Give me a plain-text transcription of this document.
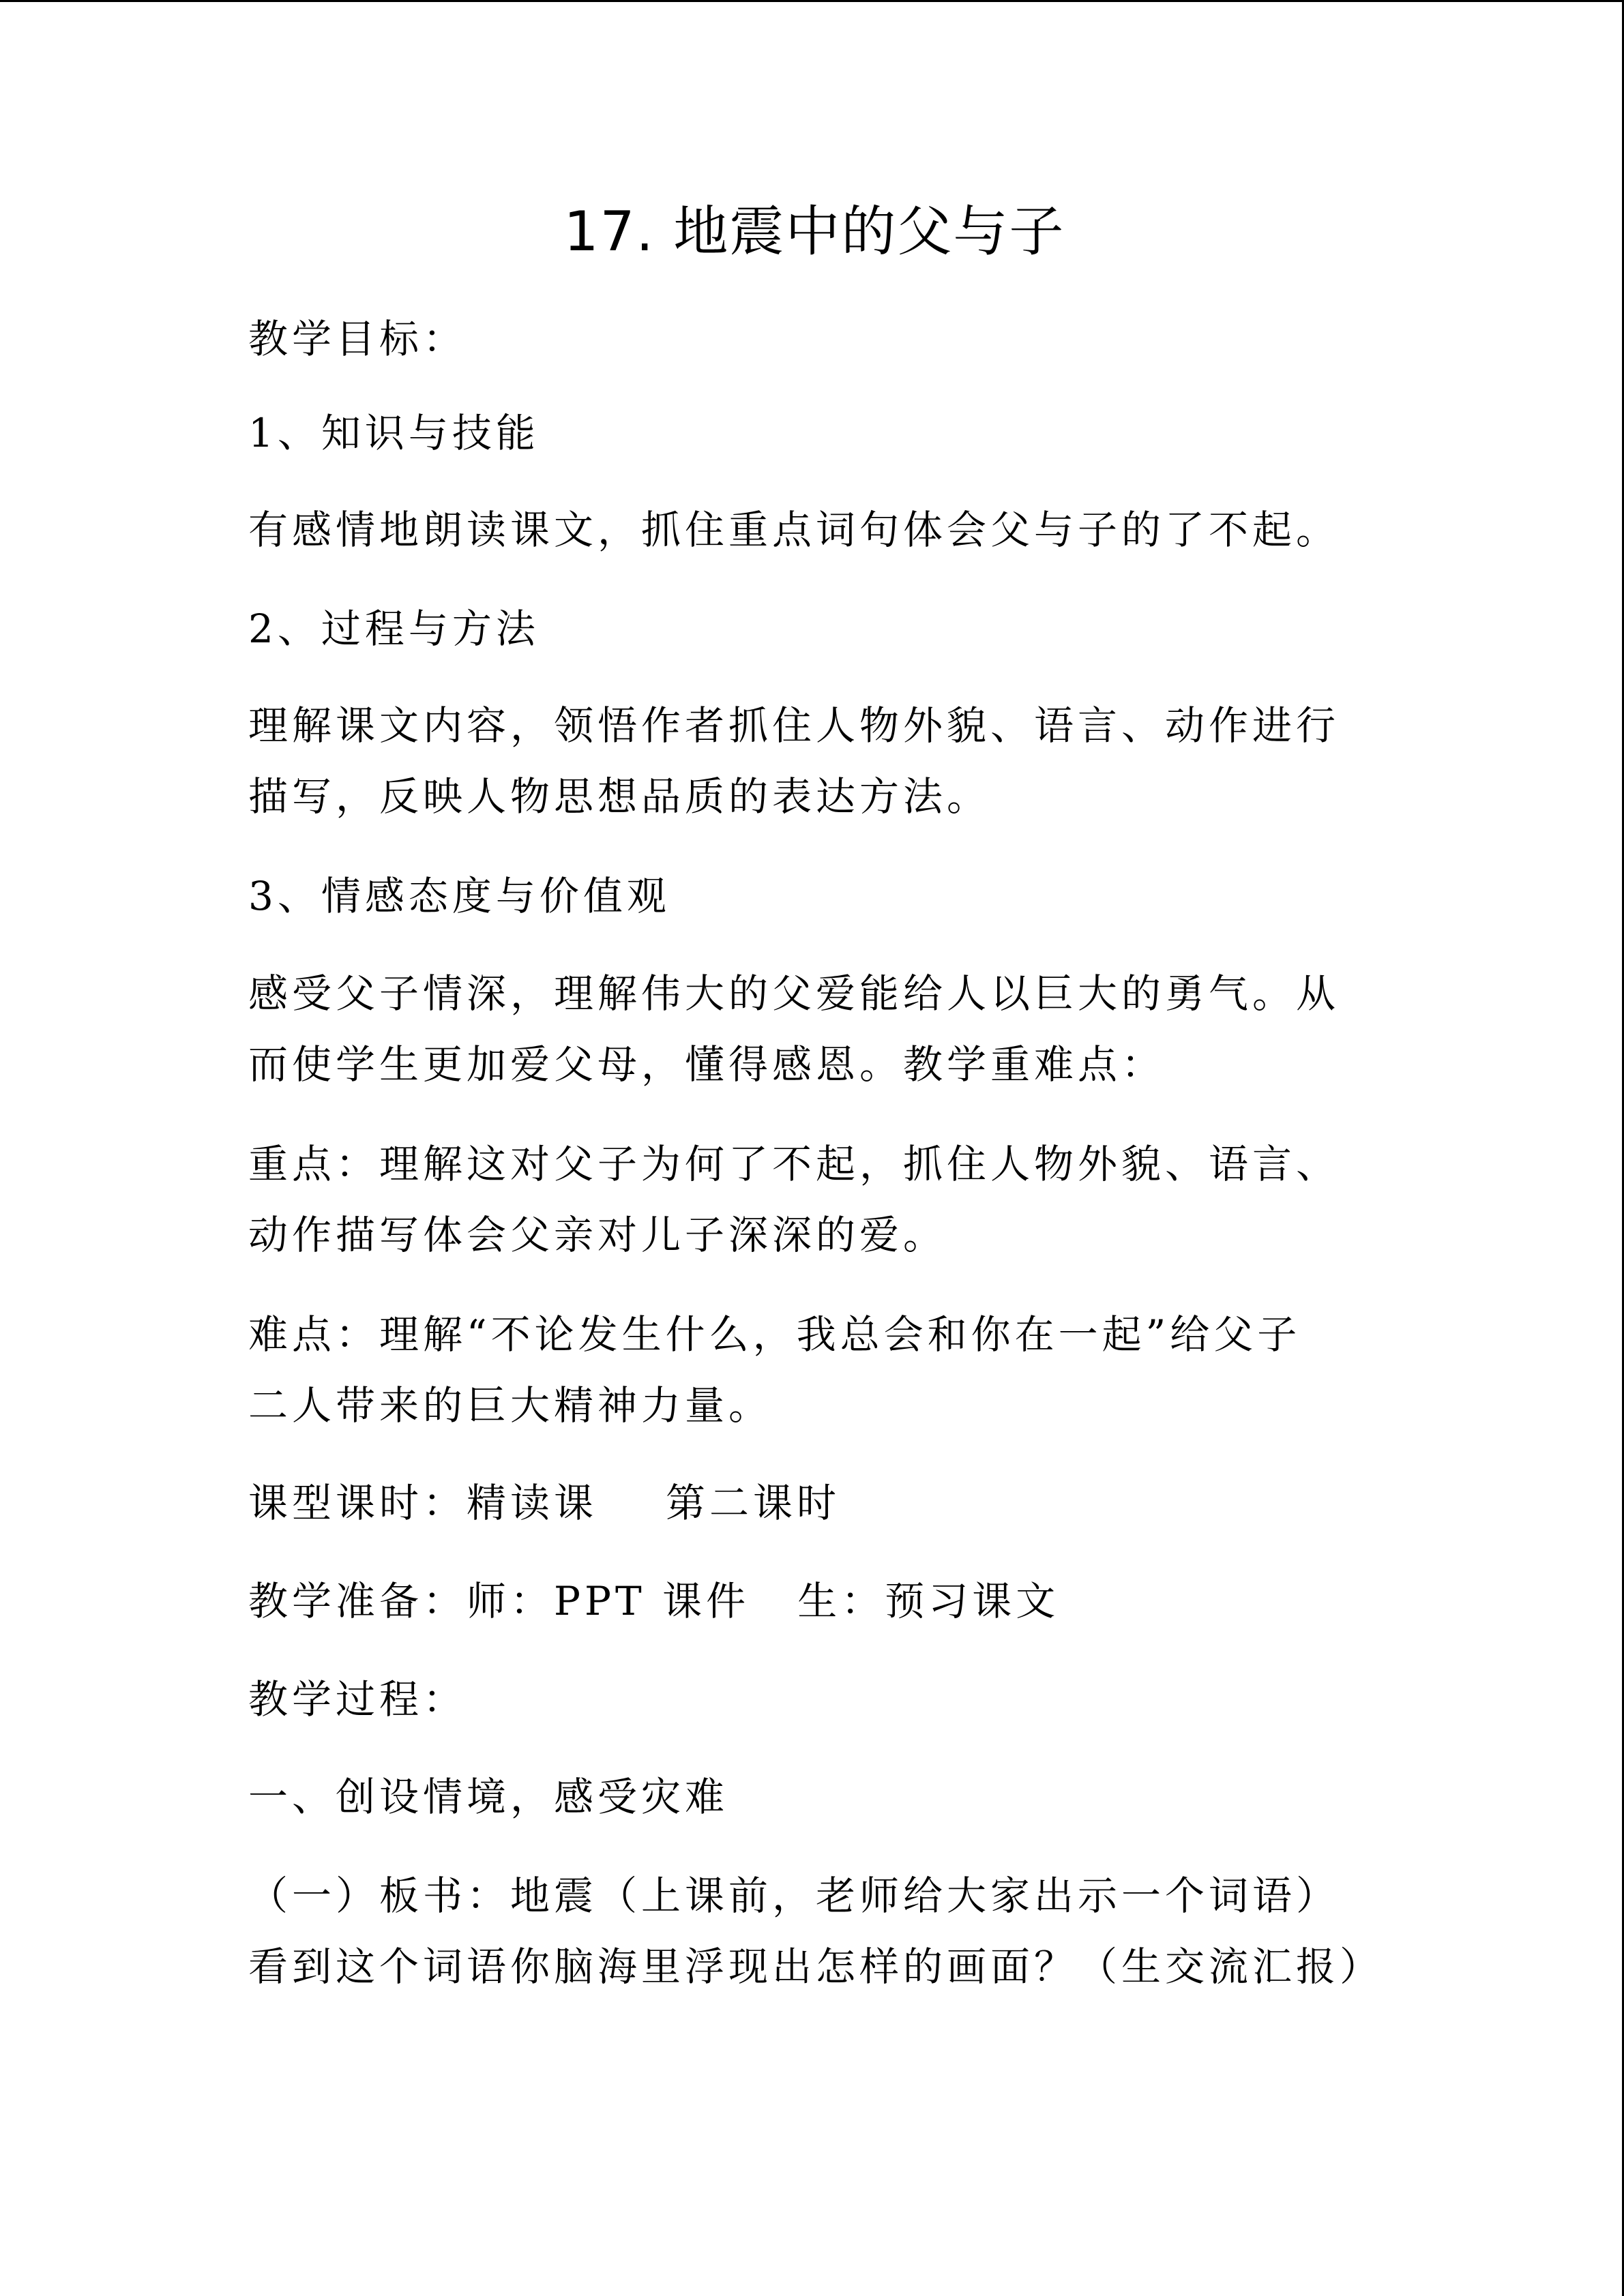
17. 地震中的父与子
教学目标：
1、知识与技能
有感情地朗读课文，抓住重点词句体会父与子的了不起。
2、过程与方法
理解课文内容，领悟作者抓住人物外貌、语言、动作进行
描写，反映人物思想品质的表达方法。
3、情感态度与价值观
感受父子情深，理解伟大的父爱能给人以巨大的勇气。从
而使学生更加爱父母，懂得感恩。教学重难点：
重点：理解这对父子为何了不起，抓住人物外貌、语言、
动作描写体会父亲对儿子深深的爱。
难点：理解“不论发生什么，我总会和你在一起”给父子
二人带来的巨大精神力量。
课型课时：精读课 第二课时
教学准备：师：PPT 课件 生：预习课文
教学过程：
一、创设情境，感受灾难
（一）板书：地震（上课前，老师给大家出示一个词语）
看到这个词语你脑海里浮现出怎样的画面？（生交流汇报）
